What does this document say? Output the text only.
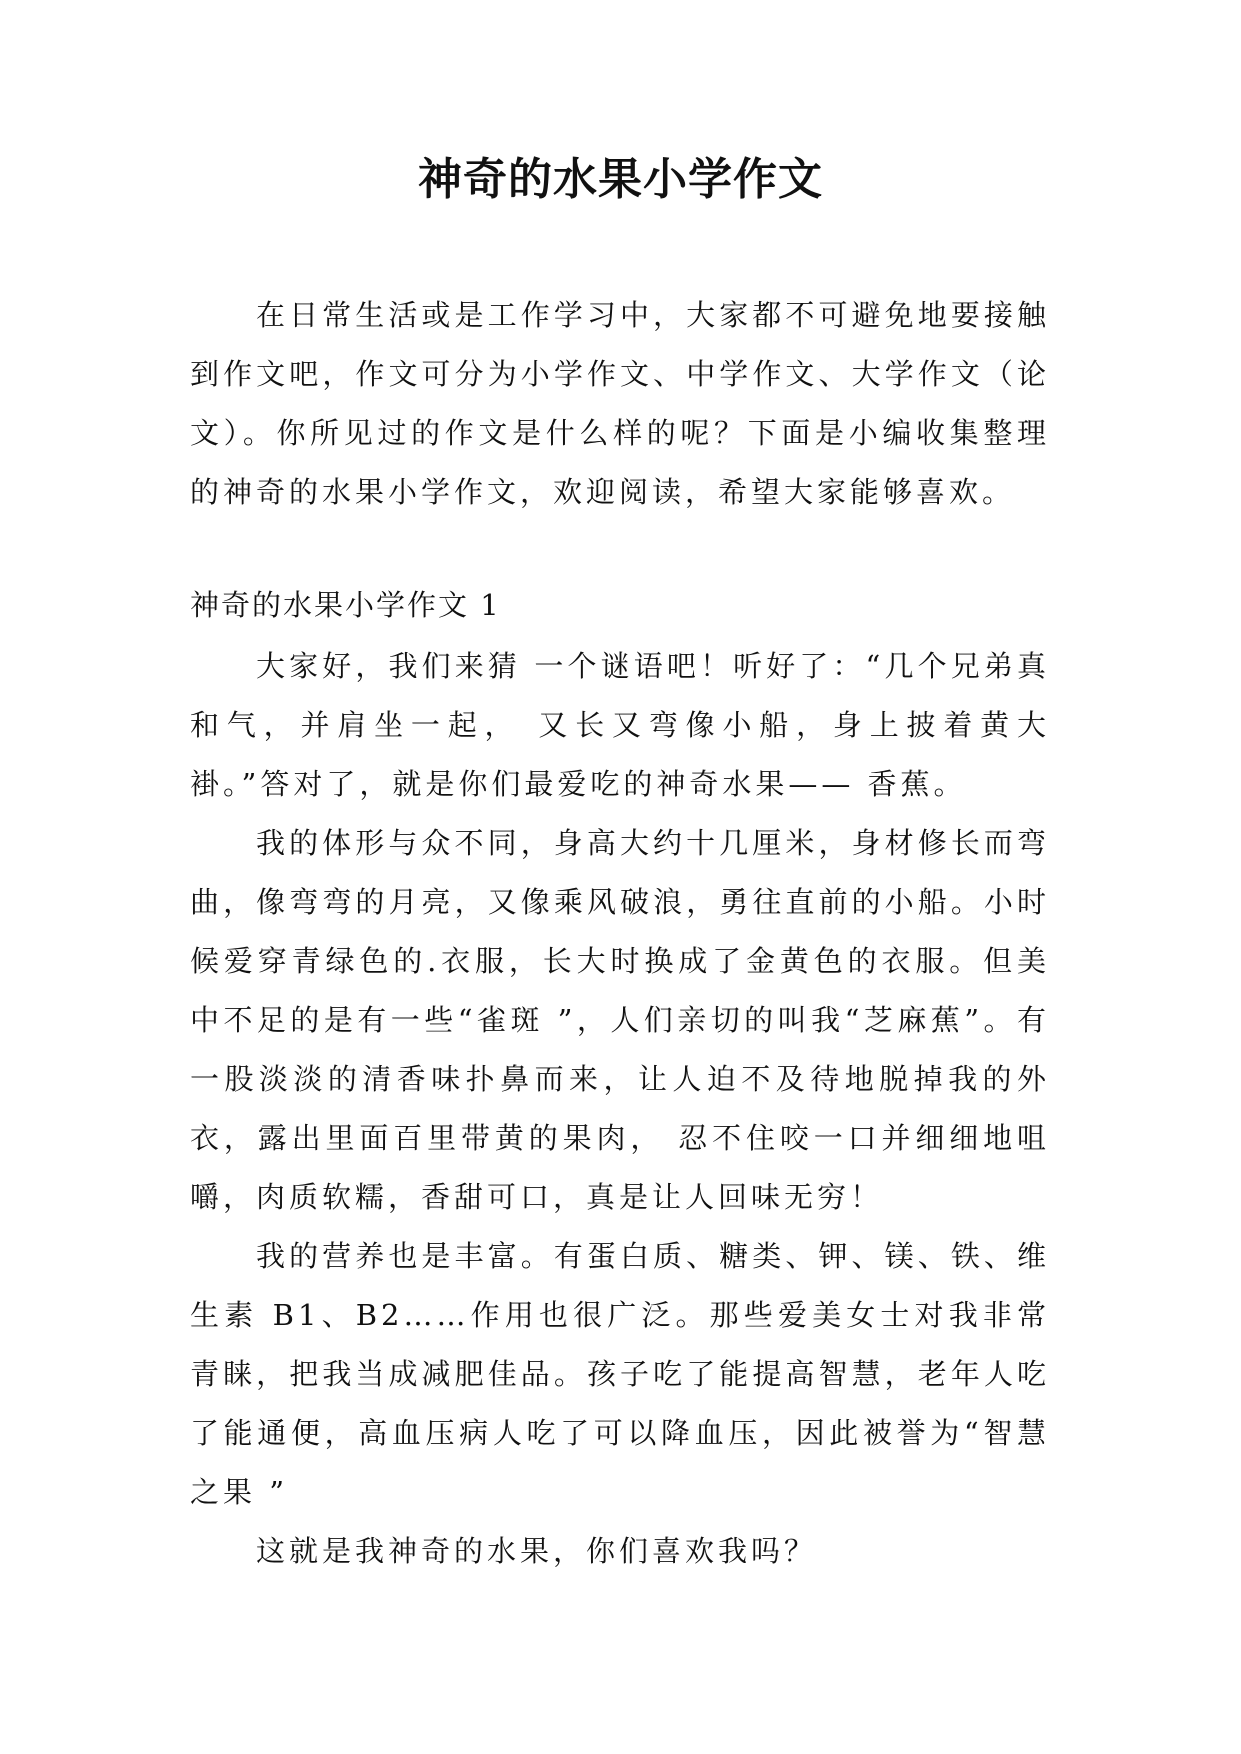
神奇的水果小学作文

在日常生活或是工作学习中，大家都不可避免地要接触到作文吧，作文可分为小学作文、中学作文、大学作文（论文）。你所见过的作文是什么样的呢？下面是小编收集整理的神奇的水果小学作文，欢迎阅读，希望大家能够喜欢。

神奇的水果小学作文 1

大家好，我们来猜 一个谜语吧！听好了：“几个兄弟真和气，并肩坐一起， 又长又弯像小船，身上披着黄大褂。”答对了，就是你们最爱吃的神奇水果—— 香蕉。

我的体形与众不同，身高大约十几厘米，身材修长而弯曲，像弯弯的月亮，又像乘风破浪，勇往直前的小船。小时候爱穿青绿色的.衣服，长大时换成了金黄色的衣服。但美中不足的是有一些“雀斑 ”，人们亲切的叫我“芝麻蕉”。有一股淡淡的清香味扑鼻而来，让人迫不及待地脱掉我的外衣，露出里面百里带黄的果肉， 忍不住咬一口并细细地咀嚼，肉质软糯，香甜可口，真是让人回味无穷！

我的营养也是丰富。有蛋白质、糖类、钾、镁、铁、维生素 B1、B2……作用也很广泛。那些爱美女士对我非常青睐，把我当成减肥佳品。孩子吃了能提高智慧，老年人吃了能通便，高血压病人吃了可以降血压，因此被誉为“智慧之果 ”

这就是我神奇的水果，你们喜欢我吗？
